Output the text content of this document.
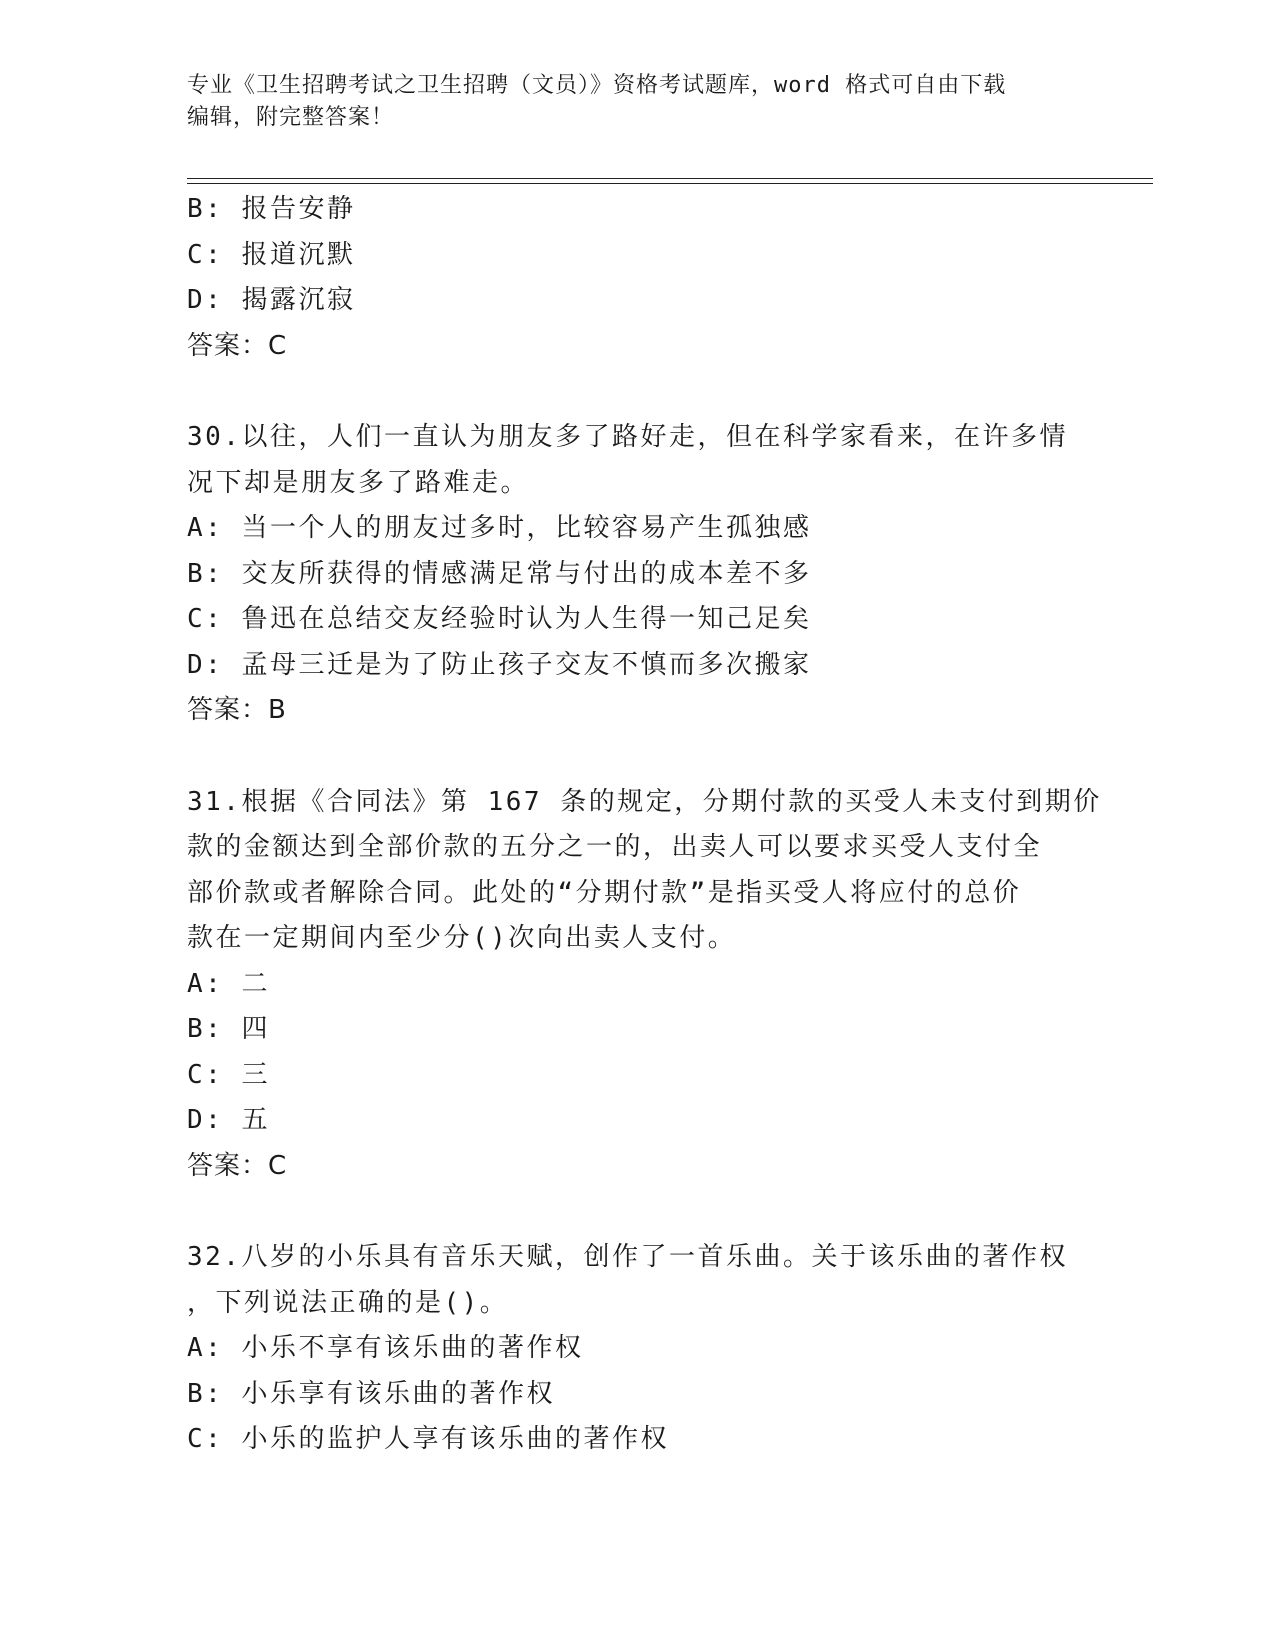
专业《卫生招聘考试之卫生招聘（文员）》资格考试题库，word 格式可自由下载
编辑，附完整答案！
B: 报告安静
C: 报道沉默
D: 揭露沉寂
答案：C
30.以往，人们一直认为朋友多了路好走，但在科学家看来，在许多情
况下却是朋友多了路难走。
A: 当一个人的朋友过多时，比较容易产生孤独感
B: 交友所获得的情感满足常与付出的成本差不多
C: 鲁迅在总结交友经验时认为人生得一知己足矣
D: 孟母三迁是为了防止孩子交友不慎而多次搬家
答案：B
31.根据《合同法》第 167 条的规定，分期付款的买受人未支付到期价
款的金额达到全部价款的五分之一的，出卖人可以要求买受人支付全
部价款或者解除合同。此处的“分期付款”是指买受人将应付的总价
款在一定期间内至少分()次向出卖人支付。
A: 二
B: 四
C: 三
D: 五
答案：C
32.八岁的小乐具有音乐天赋，创作了一首乐曲。关于该乐曲的著作权
，下列说法正确的是()。
A: 小乐不享有该乐曲的著作权
B: 小乐享有该乐曲的著作权
C: 小乐的监护人享有该乐曲的著作权
